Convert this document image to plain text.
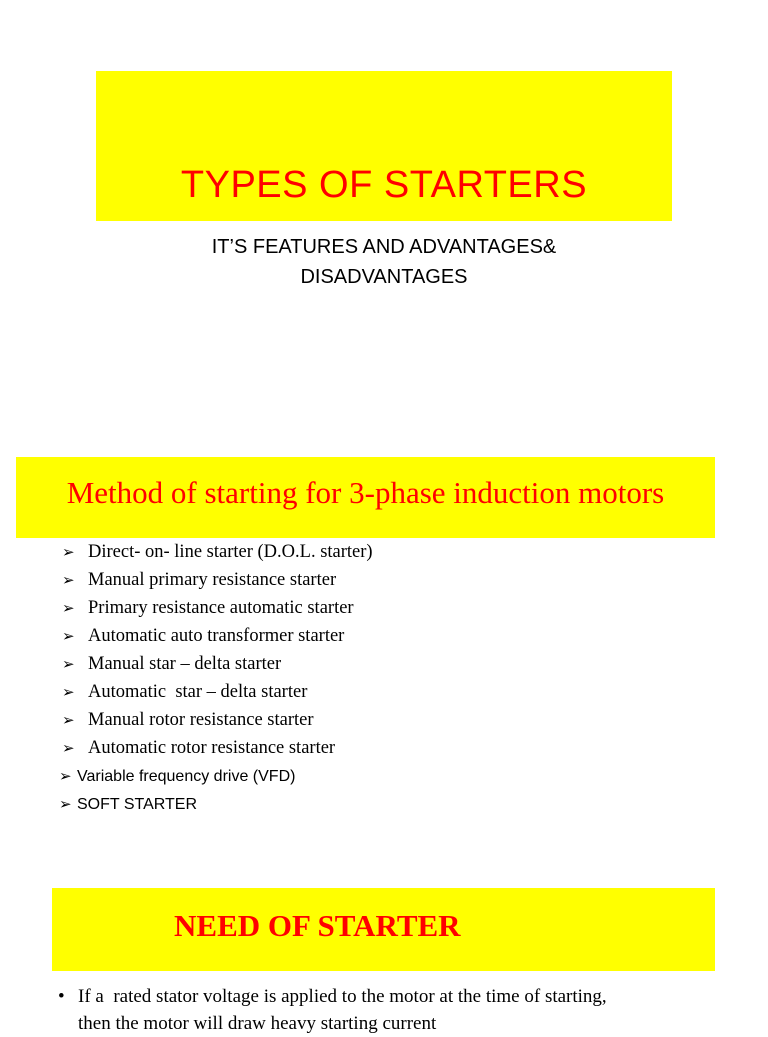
TYPES OF STARTERS
IT’S FEATURES AND ADVANTAGES&
DISADVANTAGES
Method of starting for 3-phase induction motors
➢ Direct- on- line starter (D.O.L. starter)
➢ Manual primary resistance starter
➢ Primary resistance automatic starter
➢ Automatic auto transformer starter
➢ Manual star – delta starter
➢ Automatic  star – delta starter
➢ Manual rotor resistance starter
➢ Automatic rotor resistance starter
➢ Variable frequency drive (VFD)
➢ SOFT STARTER
NEED OF STARTER
• If a  rated stator voltage is applied to the motor at the time of starting,
then the motor will draw heavy starting current
